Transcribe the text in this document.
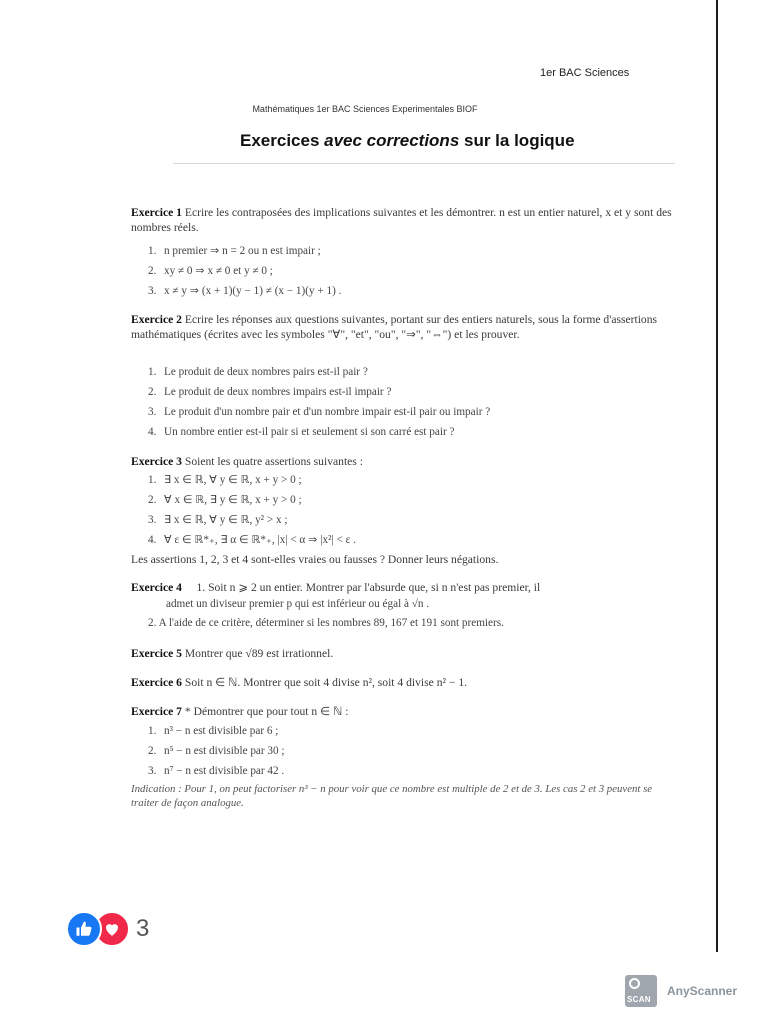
1er BAC Sciences
Mathématiques 1er BAC Sciences Experimentales BIOF
Exercices avec corrections sur la logique
Exercice 1 Ecrire les contraposées des implications suivantes et les démontrer. n est un entier naturel, x et y sont des nombres réels.
1. n premier ⇒ n = 2 ou n est impair ;
2. xy ≠ 0 ⇒ x ≠ 0 et y ≠ 0 ;
3. x ≠ y ⇒ (x + 1)(y − 1) ≠ (x − 1)(y + 1) .
Exercice 2 Ecrire les réponses aux questions suivantes, portant sur des entiers naturels, sous la forme d'assertions mathématiques (écrites avec les symboles "∀", "et", "ou", "⇒", "⇔") et les prouver.
1. Le produit de deux nombres pairs est-il pair ?
2. Le produit de deux nombres impairs est-il impair ?
3. Le produit d'un nombre pair et d'un nombre impair est-il pair ou impair ?
4. Un nombre entier est-il pair si et seulement si son carré est pair ?
Exercice 3 Soient les quatre assertions suivantes :
1. ∃ x ∈ ℝ, ∀ y ∈ ℝ, x + y > 0 ;
2. ∀ x ∈ ℝ, ∃ y ∈ ℝ, x + y > 0 ;
3. ∃ x ∈ ℝ, ∀ y ∈ ℝ, y² > x ;
4. ∀ ε ∈ ℝ*₊, ∃ α ∈ ℝ*₊, |x| < α ⇒ |x²| < ε .
Les assertions 1, 2, 3 et 4 sont-elles vraies ou fausses ? Donner leurs négations.
Exercice 4 1. Soit n ⩾ 2 un entier. Montrer par l'absurde que, si n n'est pas premier, il
admet un diviseur premier p qui est inférieur ou égal à √n .
2. A l'aide de ce critère, déterminer si les nombres 89, 167 et 191 sont premiers.
Exercice 5 Montrer que √89 est irrationnel.
Exercice 6 Soit n ∈ ℕ. Montrer que soit 4 divise n², soit 4 divise n² − 1.
Exercice 7 * Démontrer que pour tout n ∈ ℕ :
1. n³ − n est divisible par 6 ;
2. n⁵ − n est divisible par 30 ;
3. n⁷ − n est divisible par 42 .
Indication : Pour 1, on peut factoriser n³ − n pour voir que ce nombre est multiple de 2 et de 3. Les cas 2 et 3 peuvent se traiter de façon analogue.
3
SCAN
AnyScanner
